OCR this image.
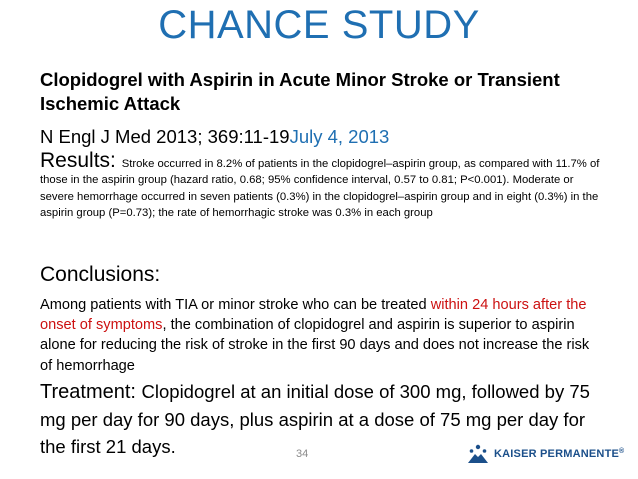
CHANCE STUDY
Clopidogrel with Aspirin in Acute Minor Stroke or Transient Ischemic Attack
N Engl J Med 2013; 369:11-19July 4, 2013
Results: Stroke occurred in 8.2% of patients in the clopidogrel–aspirin group, as compared with 11.7% of those in the aspirin group (hazard ratio, 0.68; 95% confidence interval, 0.57 to 0.81; P<0.001). Moderate or severe hemorrhage occurred in seven patients (0.3%) in the clopidogrel–aspirin group and in eight (0.3%) in the aspirin group (P=0.73); the rate of hemorrhagic stroke was 0.3% in each group
Conclusions:
Among patients with TIA or minor stroke who can be treated within 24 hours after the onset of symptoms, the combination of clopidogrel and aspirin is superior to aspirin alone for reducing the risk of stroke in the first 90 days and does not increase the risk of hemorrhage
Treatment: Clopidogrel at an initial dose of 300 mg, followed by 75 mg per day for 90 days, plus aspirin at a dose of 75 mg per day for the first 21 days.	34	KAISER PERMANENTE®
